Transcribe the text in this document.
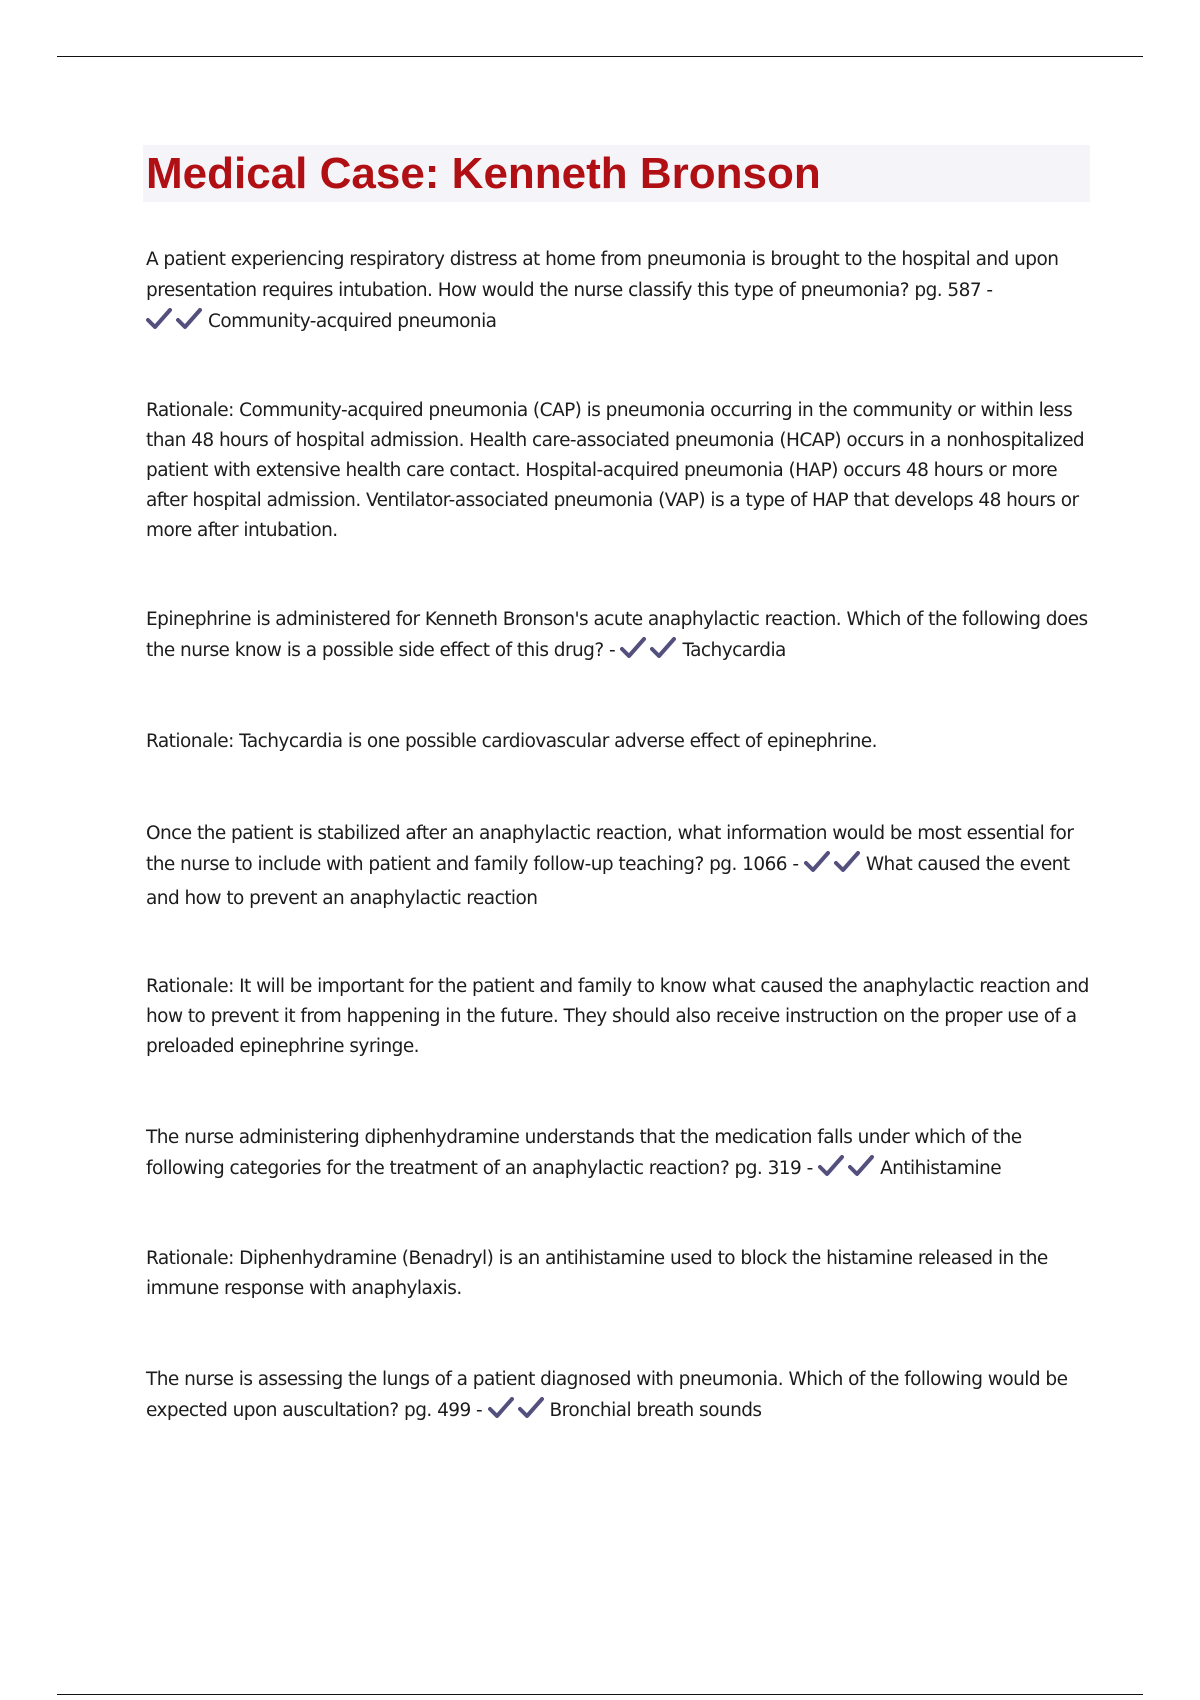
Medical Case: Kenneth Bronson

A patient experiencing respiratory distress at home from pneumonia is brought to the hospital and upon presentation requires intubation. How would the nurse classify this type of pneumonia? pg. 587 -

Community-acquired pneumonia

Rationale: Community-acquired pneumonia (CAP) is pneumonia occurring in the community or within less than 48 hours of hospital admission. Health care-associated pneumonia (HCAP) occurs in a nonhospitalized patient with extensive health care contact. Hospital-acquired pneumonia (HAP) occurs 48 hours or more after hospital admission. Ventilator-associated pneumonia (VAP) is a type of HAP that develops 48 hours or more after intubation.

Epinephrine is administered for Kenneth Bronson's acute anaphylactic reaction. Which of the following does the nurse know is a possible side effect of this drug? -	Tachycardia

Rationale: Tachycardia is one possible cardiovascular adverse effect of epinephrine.

Once the patient is stabilized after an anaphylactic reaction, what information would be most essential for the nurse to include with patient and family follow-up teaching? pg. 1066 -	What caused the event and how to prevent an anaphylactic reaction

Rationale: It will be important for the patient and family to know what caused the anaphylactic reaction and how to prevent it from happening in the future. They should also receive instruction on the proper use of a preloaded epinephrine syringe.

The nurse administering diphenhydramine understands that the medication falls under which of the following categories for the treatment of an anaphylactic reaction? pg. 319 -	Antihistamine

Rationale: Diphenhydramine (Benadryl) is an antihistamine used to block the histamine released in the immune response with anaphylaxis.

The nurse is assessing the lungs of a patient diagnosed with pneumonia. Which of the following would be expected upon auscultation? pg. 499 -	Bronchial breath sounds
